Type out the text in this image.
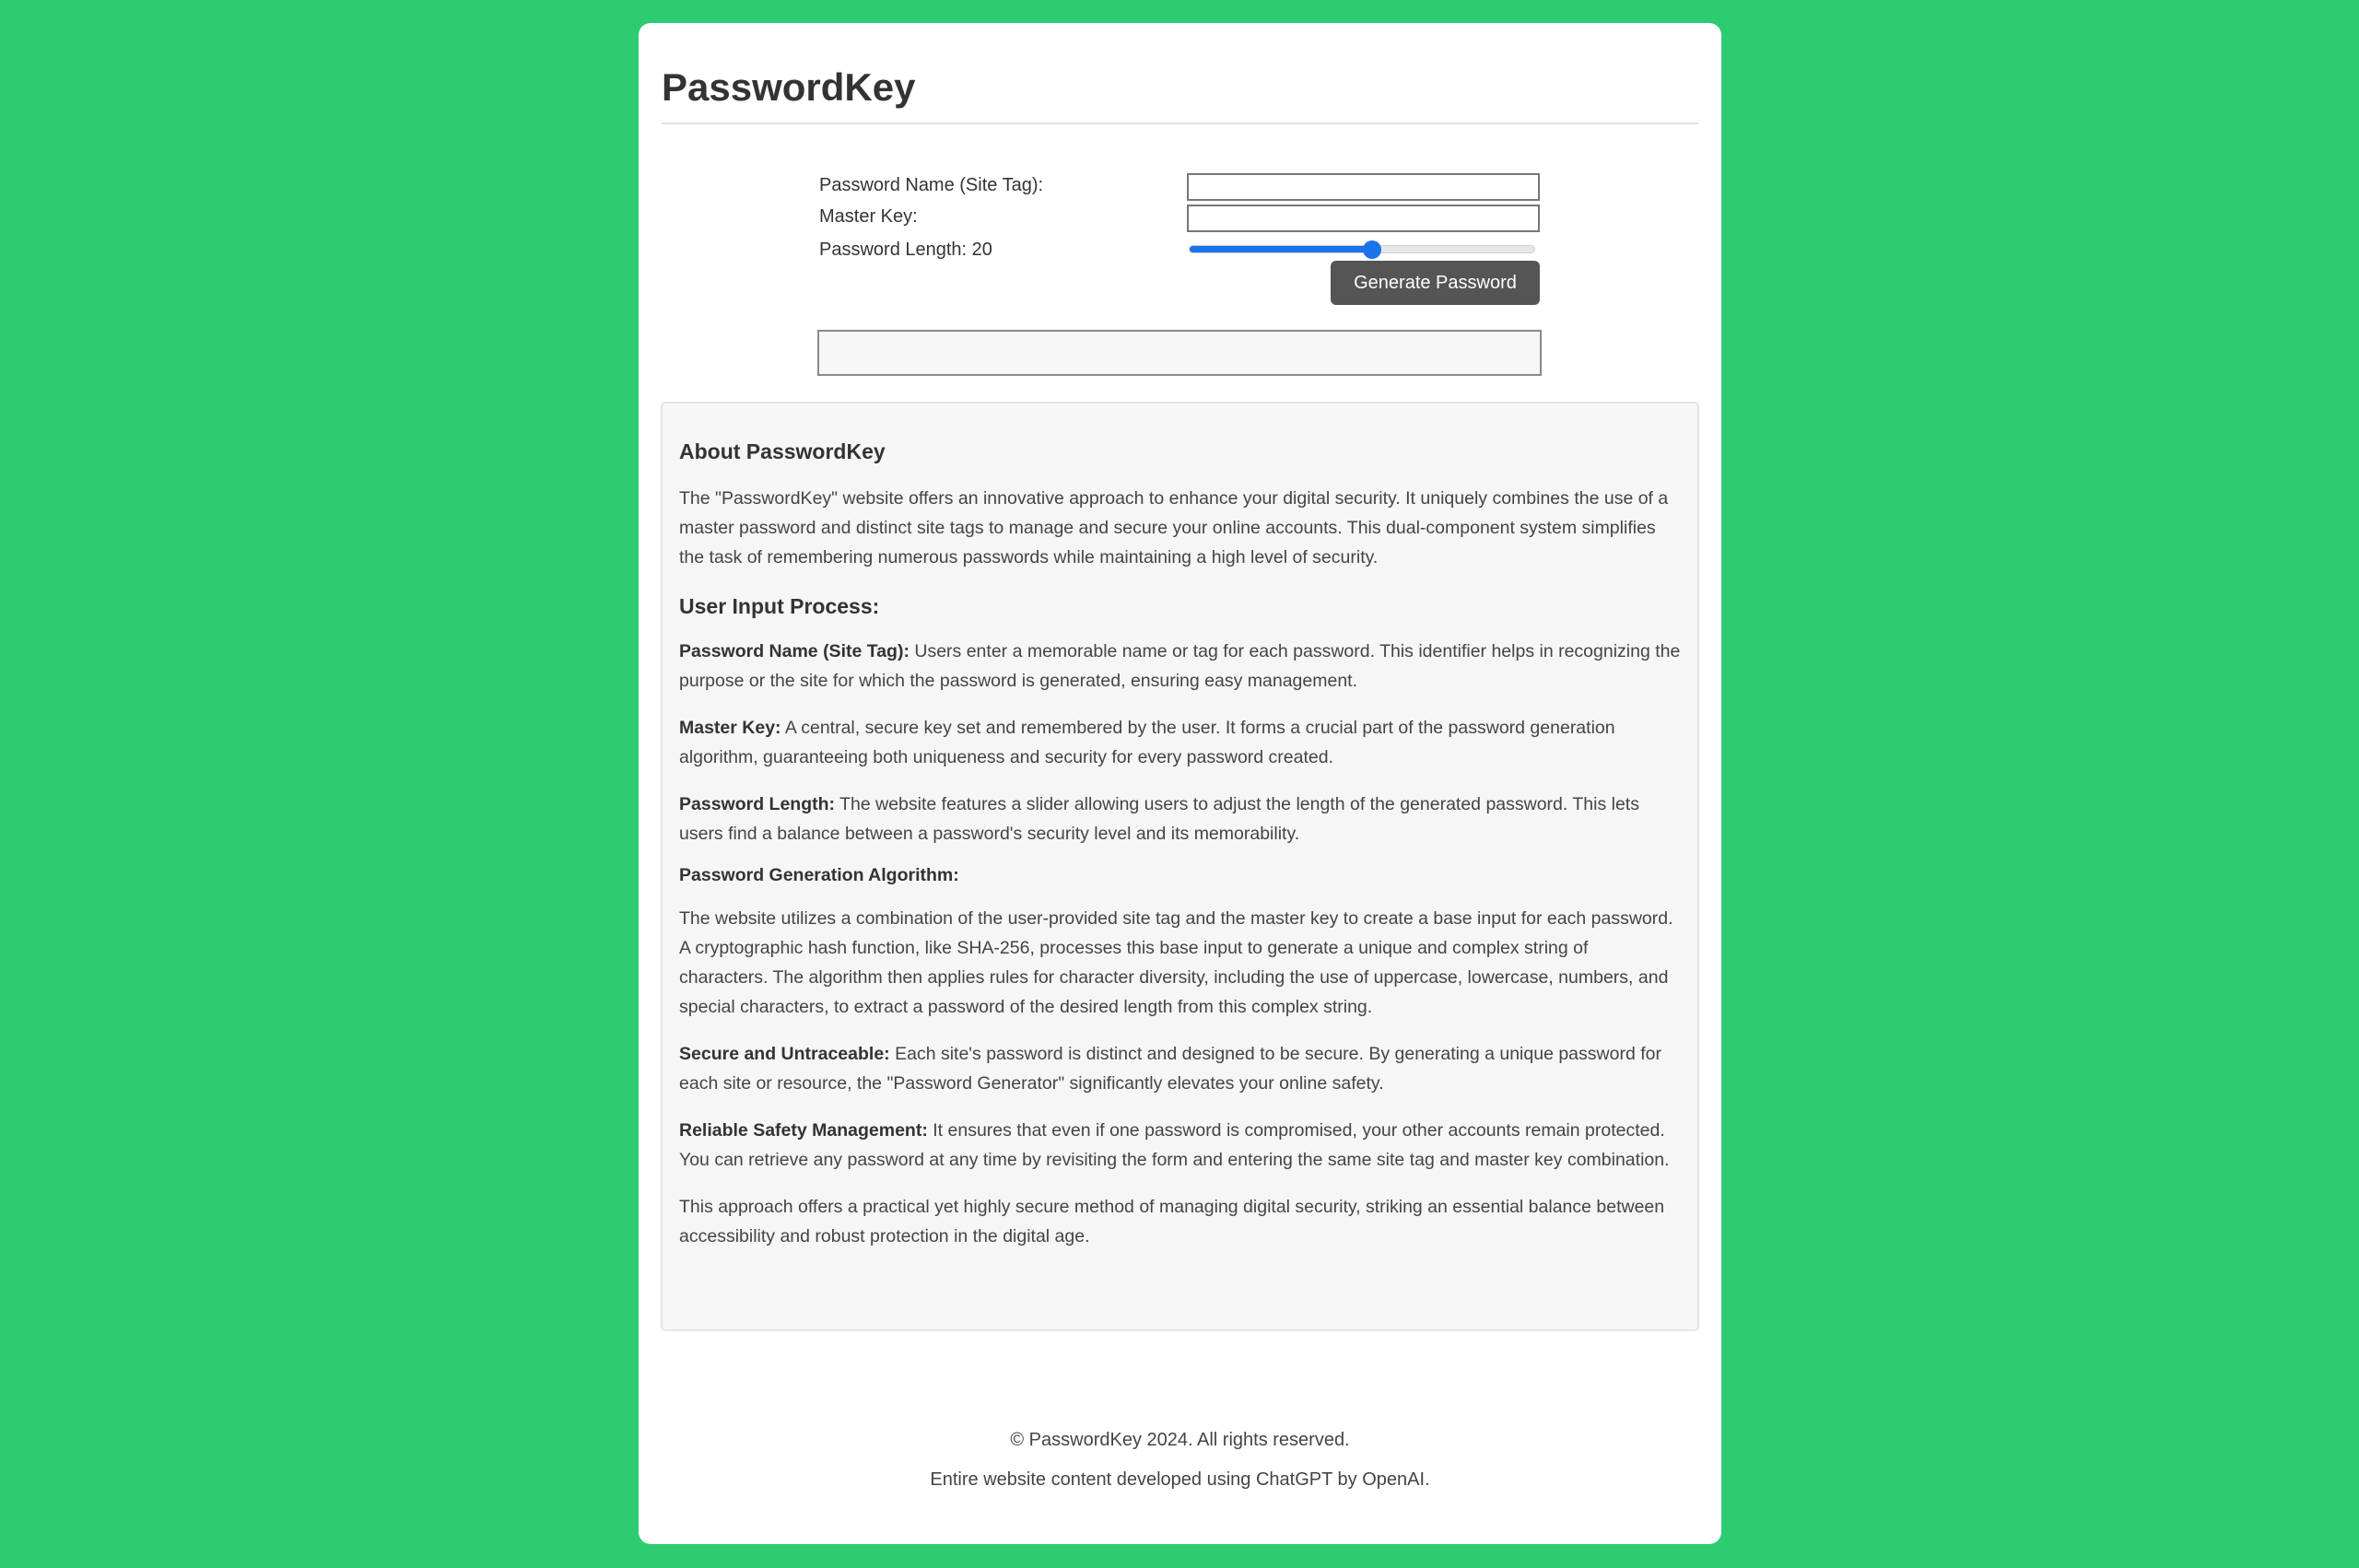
PasswordKey
Password Name (Site Tag):
Master Key:
Password Length: 20
Generate Password
About PasswordKey

The "PasswordKey" website offers an innovative approach to enhance your digital security. It uniquely combines the use of a master password and distinct site tags to manage and secure your online accounts. This dual-component system simplifies the task of remembering numerous passwords while maintaining a high level of security.

User Input Process:

Password Name (Site Tag): Users enter a memorable name or tag for each password. This identifier helps in recognizing the purpose or the site for which the password is generated, ensuring easy management.

Master Key: A central, secure key set and remembered by the user. It forms a crucial part of the password generation algorithm, guaranteeing both uniqueness and security for every password created.

Password Length: The website features a slider allowing users to adjust the length of the generated password. This lets users find a balance between a password's security level and its memorability.

Password Generation Algorithm:

The website utilizes a combination of the user-provided site tag and the master key to create a base input for each password. A cryptographic hash function, like SHA-256, processes this base input to generate a unique and complex string of characters. The algorithm then applies rules for character diversity, including the use of uppercase, lowercase, numbers, and special characters, to extract a password of the desired length from this complex string.

Secure and Untraceable: Each site's password is distinct and designed to be secure. By generating a unique password for each site or resource, the "Password Generator" significantly elevates your online safety.

Reliable Safety Management: It ensures that even if one password is compromised, your other accounts remain protected. You can retrieve any password at any time by revisiting the form and entering the same site tag and master key combination.

This approach offers a practical yet highly secure method of managing digital security, striking an essential balance between accessibility and robust protection in the digital age.

© PasswordKey 2024. All rights reserved.
Entire website content developed using ChatGPT by OpenAI.
